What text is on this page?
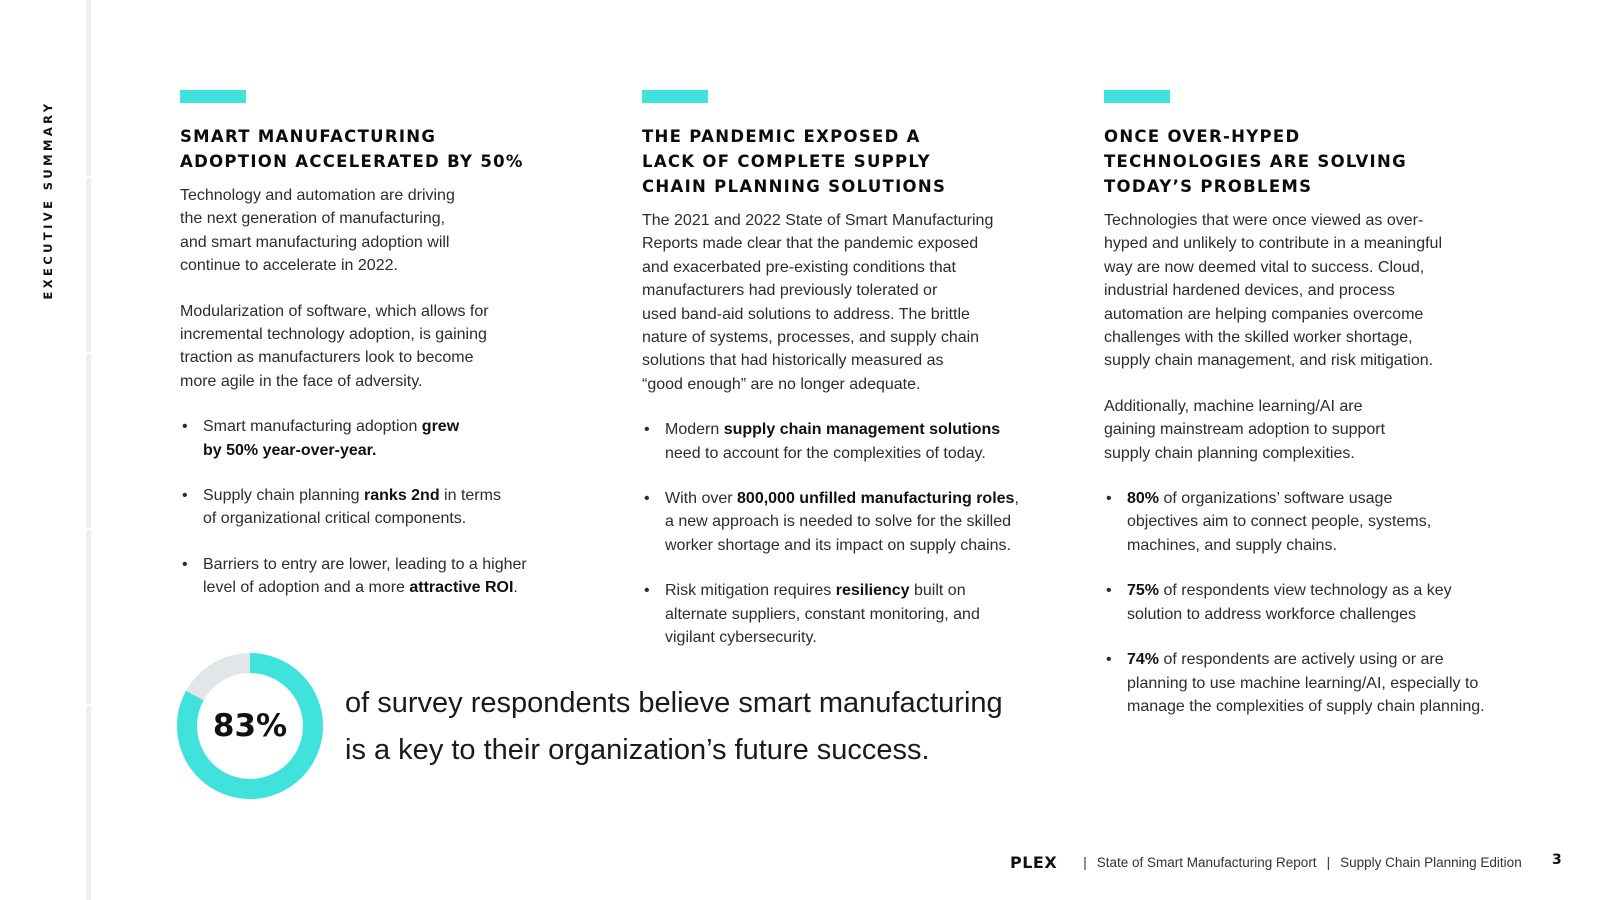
EXECUTIVE SUMMARY	SMART MANUFACTURING
ADOPTION ACCELERATED BY 50%

Technology and automation are driving
the next generation of manufacturing,
and smart manufacturing adoption will
continue to accelerate in 2022.

Modularization of software, which allows for
incremental technology adoption, is gaining
traction as manufacturers look to become
more agile in the face of adversity.

• Smart manufacturing adoption grew
by 50% year-over-year.
• Supply chain planning ranks 2nd in terms
of organizational critical components.
• Barriers to entry are lower, leading to a higher
level of adoption and a more attractive ROI.
THE PANDEMIC EXPOSED A
LACK OF COMPLETE SUPPLY
CHAIN PLANNING SOLUTIONS

The 2021 and 2022 State of Smart Manufacturing
Reports made clear that the pandemic exposed
and exacerbated pre-existing conditions that
manufacturers had previously tolerated or
used band-aid solutions to address. The brittle
nature of systems, processes, and supply chain
solutions that had historically measured as
“good enough” are no longer adequate.

• Modern supply chain management solutions
need to account for the complexities of today.
• With over 800,000 unfilled manufacturing roles,
a new approach is needed to solve for the skilled
worker shortage and its impact on supply chains.
• Risk mitigation requires resiliency built on
alternate suppliers, constant monitoring, and
vigilant cybersecurity.
ONCE OVER-HYPED
TECHNOLOGIES ARE SOLVING
TODAY’S PROBLEMS

Technologies that were once viewed as over-
hyped and unlikely to contribute in a meaningful
way are now deemed vital to success. Cloud,
industrial hardened devices, and process
automation are helping companies overcome
challenges with the skilled worker shortage,
supply chain management, and risk mitigation.

Additionally, machine learning/AI are
gaining mainstream adoption to support
supply chain planning complexities.

• 80% of organizations’ software usage
objectives aim to connect people, systems,
machines, and supply chains.
• 75% of respondents view technology as a key
solution to address workforce challenges
• 74% of respondents are actively using or are
planning to use machine learning/AI, especially to
manage the complexities of supply chain planning.
83%
of survey respondents believe smart manufacturing
is a key to their organization’s future success.
PLEX | State of Smart Manufacturing Report | Supply Chain Planning Edition 3
